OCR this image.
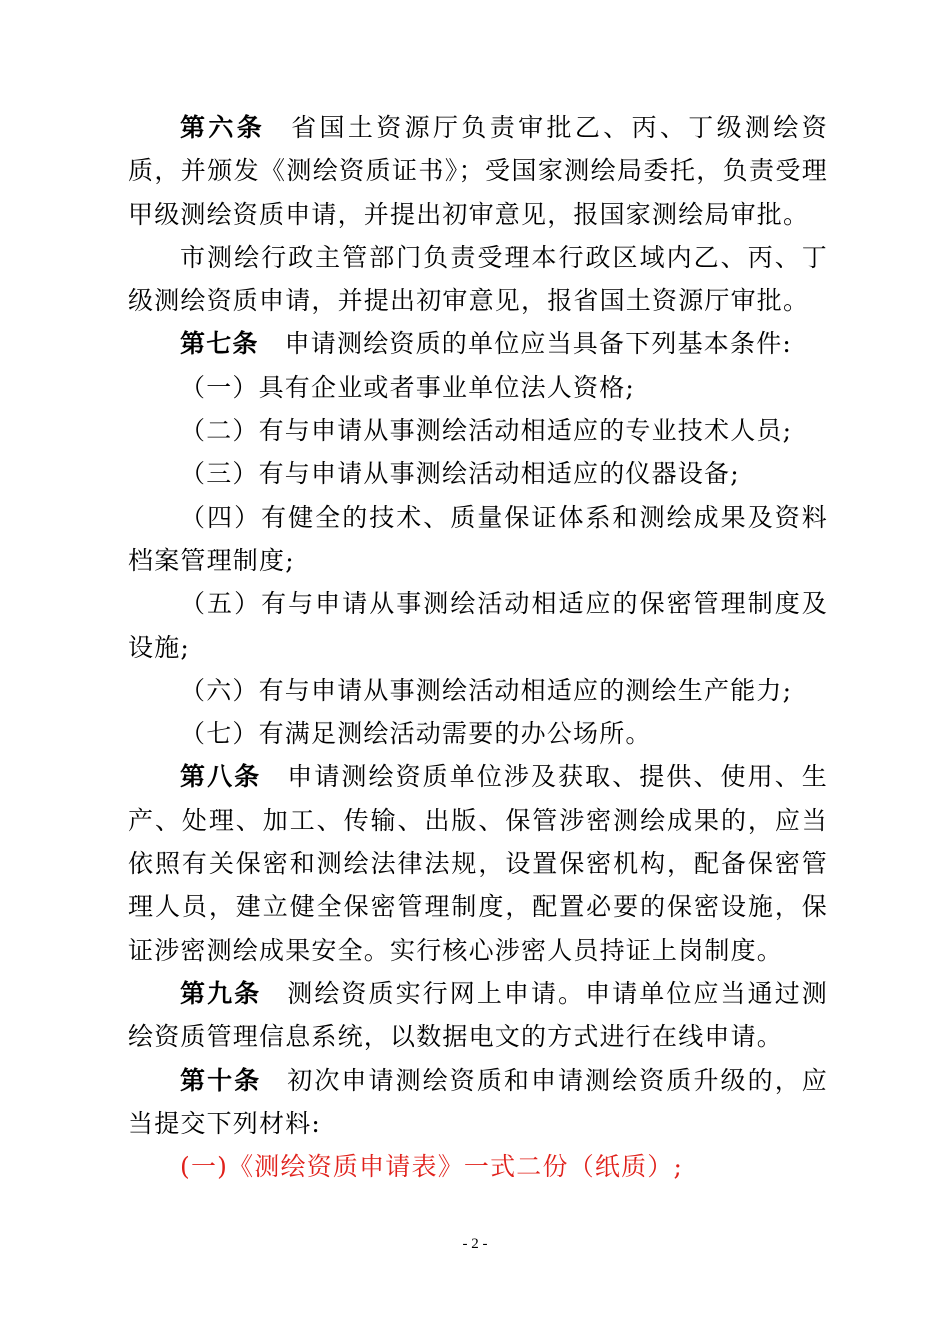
第六条 省国土资源厅负责审批乙、丙、丁级测绘资质，并颁发《测绘资质证书》；受国家测绘局委托，负责受理甲级测绘资质申请，并提出初审意见，报国家测绘局审批。

市测绘行政主管部门负责受理本行政区域内乙、丙、丁级测绘资质申请，并提出初审意见，报省国土资源厅审批。

第七条 申请测绘资质的单位应当具备下列基本条件:

（一）具有企业或者事业单位法人资格;

（二）有与申请从事测绘活动相适应的专业技术人员;

（三）有与申请从事测绘活动相适应的仪器设备;

（四）有健全的技术、质量保证体系和测绘成果及资料档案管理制度;

（五）有与申请从事测绘活动相适应的保密管理制度及设施;

（六）有与申请从事测绘活动相适应的测绘生产能力;

（七）有满足测绘活动需要的办公场所。

第八条 申请测绘资质单位涉及获取、提供、使用、生产、处理、加工、传输、出版、保管涉密测绘成果的，应当依照有关保密和测绘法律法规，设置保密机构，配备保密管理人员，建立健全保密管理制度，配置必要的保密设施，保证涉密测绘成果安全。实行核心涉密人员持证上岗制度。

第九条 测绘资质实行网上申请。申请单位应当通过测绘资质管理信息系统，以数据电文的方式进行在线申请。

第十条 初次申请测绘资质和申请测绘资质升级的，应当提交下列材料:

(一)《测绘资质申请表》一式二份（纸质）;

- 2 -
